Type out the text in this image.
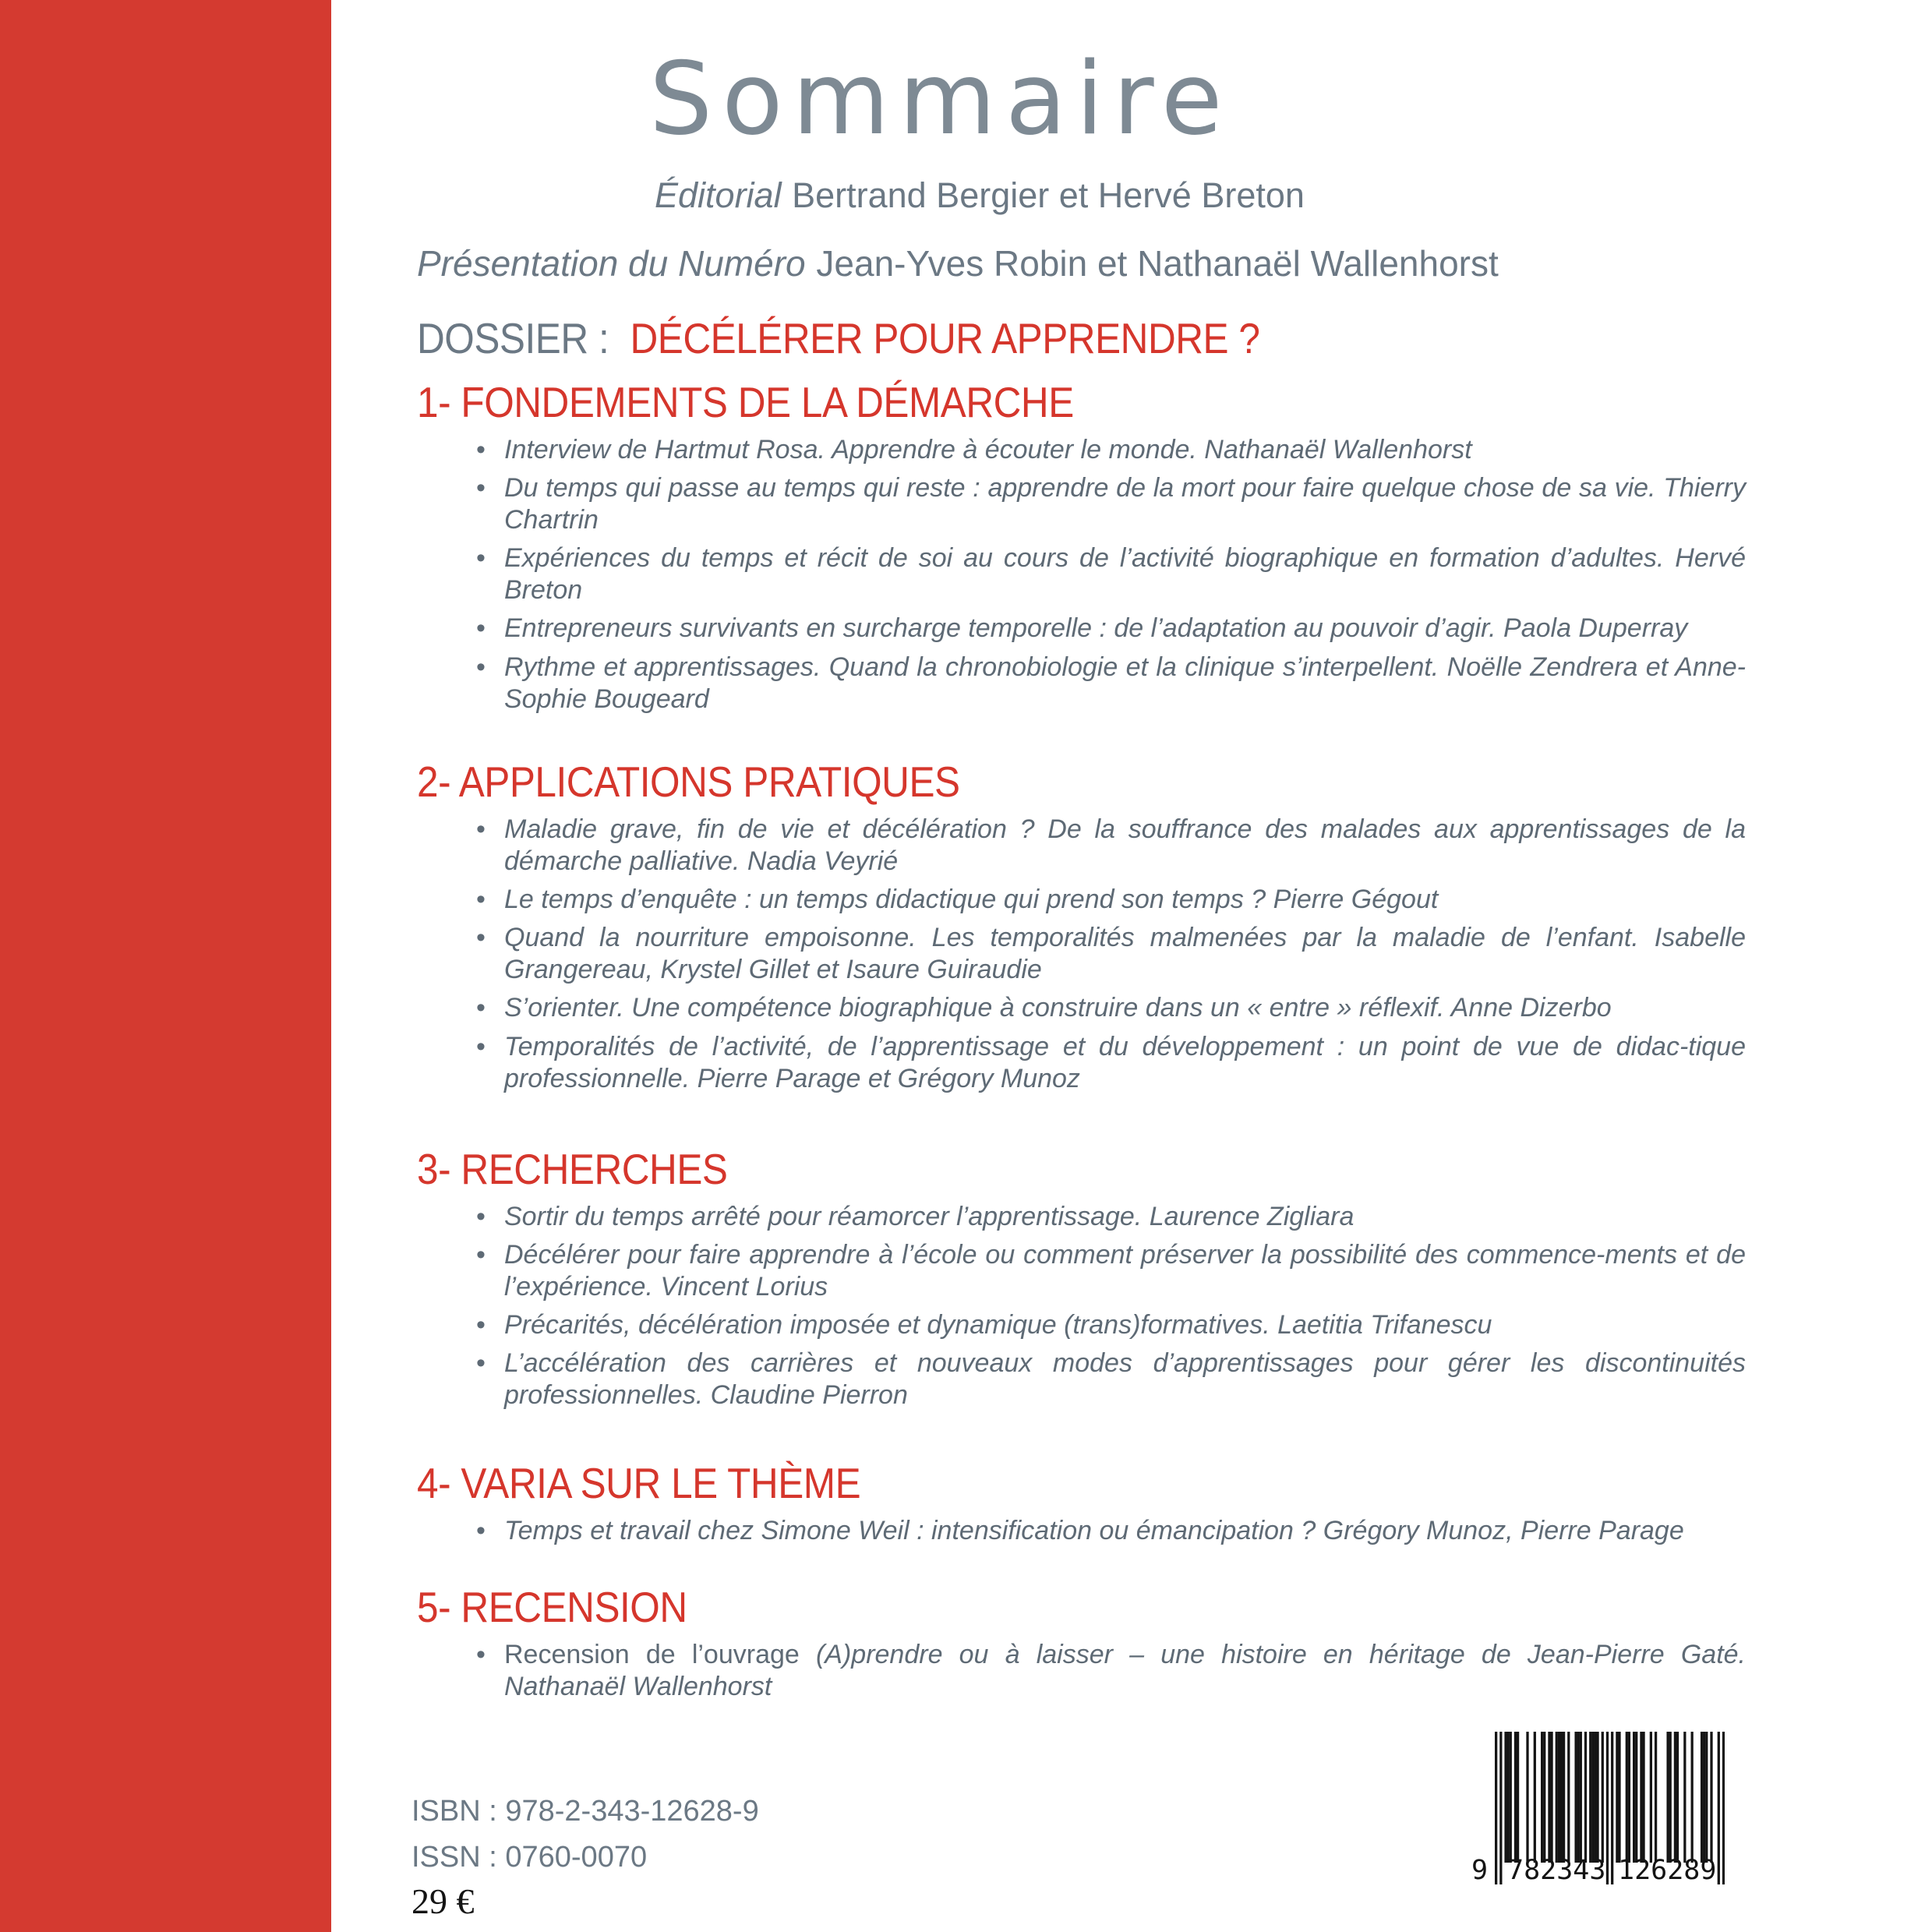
Sommaire
Éditorial Bertrand Bergier et Hervé Breton
Présentation du Numéro Jean-Yves Robin et Nathanaël Wallenhorst
DOSSIER : DÉCÉLÉRER POUR APPRENDRE ?
1- FONDEMENTS DE LA DÉMARCHE
• Interview de Hartmut Rosa. Apprendre à écouter le monde. Nathanaël Wallenhorst
• Du temps qui passe au temps qui reste : apprendre de la mort pour faire quelque chose de sa vie. Thierry Chartrin
• Expériences du temps et récit de soi au cours de l’activité biographique en formation d’adultes. Hervé Breton
• Entrepreneurs survivants en surcharge temporelle : de l’adaptation au pouvoir d’agir. Paola Duperray
• Rythme et apprentissages. Quand la chronobiologie et la clinique s’interpellent. Noëlle Zendrera et Anne-Sophie Bougeard
2- APPLICATIONS PRATIQUES
• Maladie grave, fin de vie et décélération ? De la souffrance des malades aux apprentissages de la démarche palliative. Nadia Veyrié
• Le temps d’enquête : un temps didactique qui prend son temps ? Pierre Gégout
• Quand la nourriture empoisonne. Les temporalités malmenées par la maladie de l’enfant. Isabelle Grangereau, Krystel Gillet et Isaure Guiraudie
• S’orienter. Une compétence biographique à construire dans un « entre » réflexif. Anne Dizerbo
• Temporalités de l’activité, de l’apprentissage et du développement : un point de vue de didac-tique professionnelle. Pierre Parage et Grégory Munoz
3- RECHERCHES
• Sortir du temps arrêté pour réamorcer l’apprentissage. Laurence Zigliara
• Décélérer pour faire apprendre à l’école ou comment préserver la possibilité des commence-ments et de l’expérience. Vincent Lorius
• Précarités, décélération imposée et dynamique (trans)formatives. Laetitia Trifanescu
• L’accélération des carrières et nouveaux modes d’apprentissages pour gérer les discontinuités professionnelles. Claudine Pierron
4- VARIA SUR LE THÈME
• Temps et travail chez Simone Weil : intensification ou émancipation ? Grégory Munoz, Pierre Parage
5- RECENSION
• Recension de l’ouvrage (A)prendre ou à laisser – une histoire en héritage de Jean-Pierre Gaté. Nathanaël Wallenhorst
ISBN : 978-2-343-12628-9
ISSN : 0760-0070
29 €
9 782343 126289
